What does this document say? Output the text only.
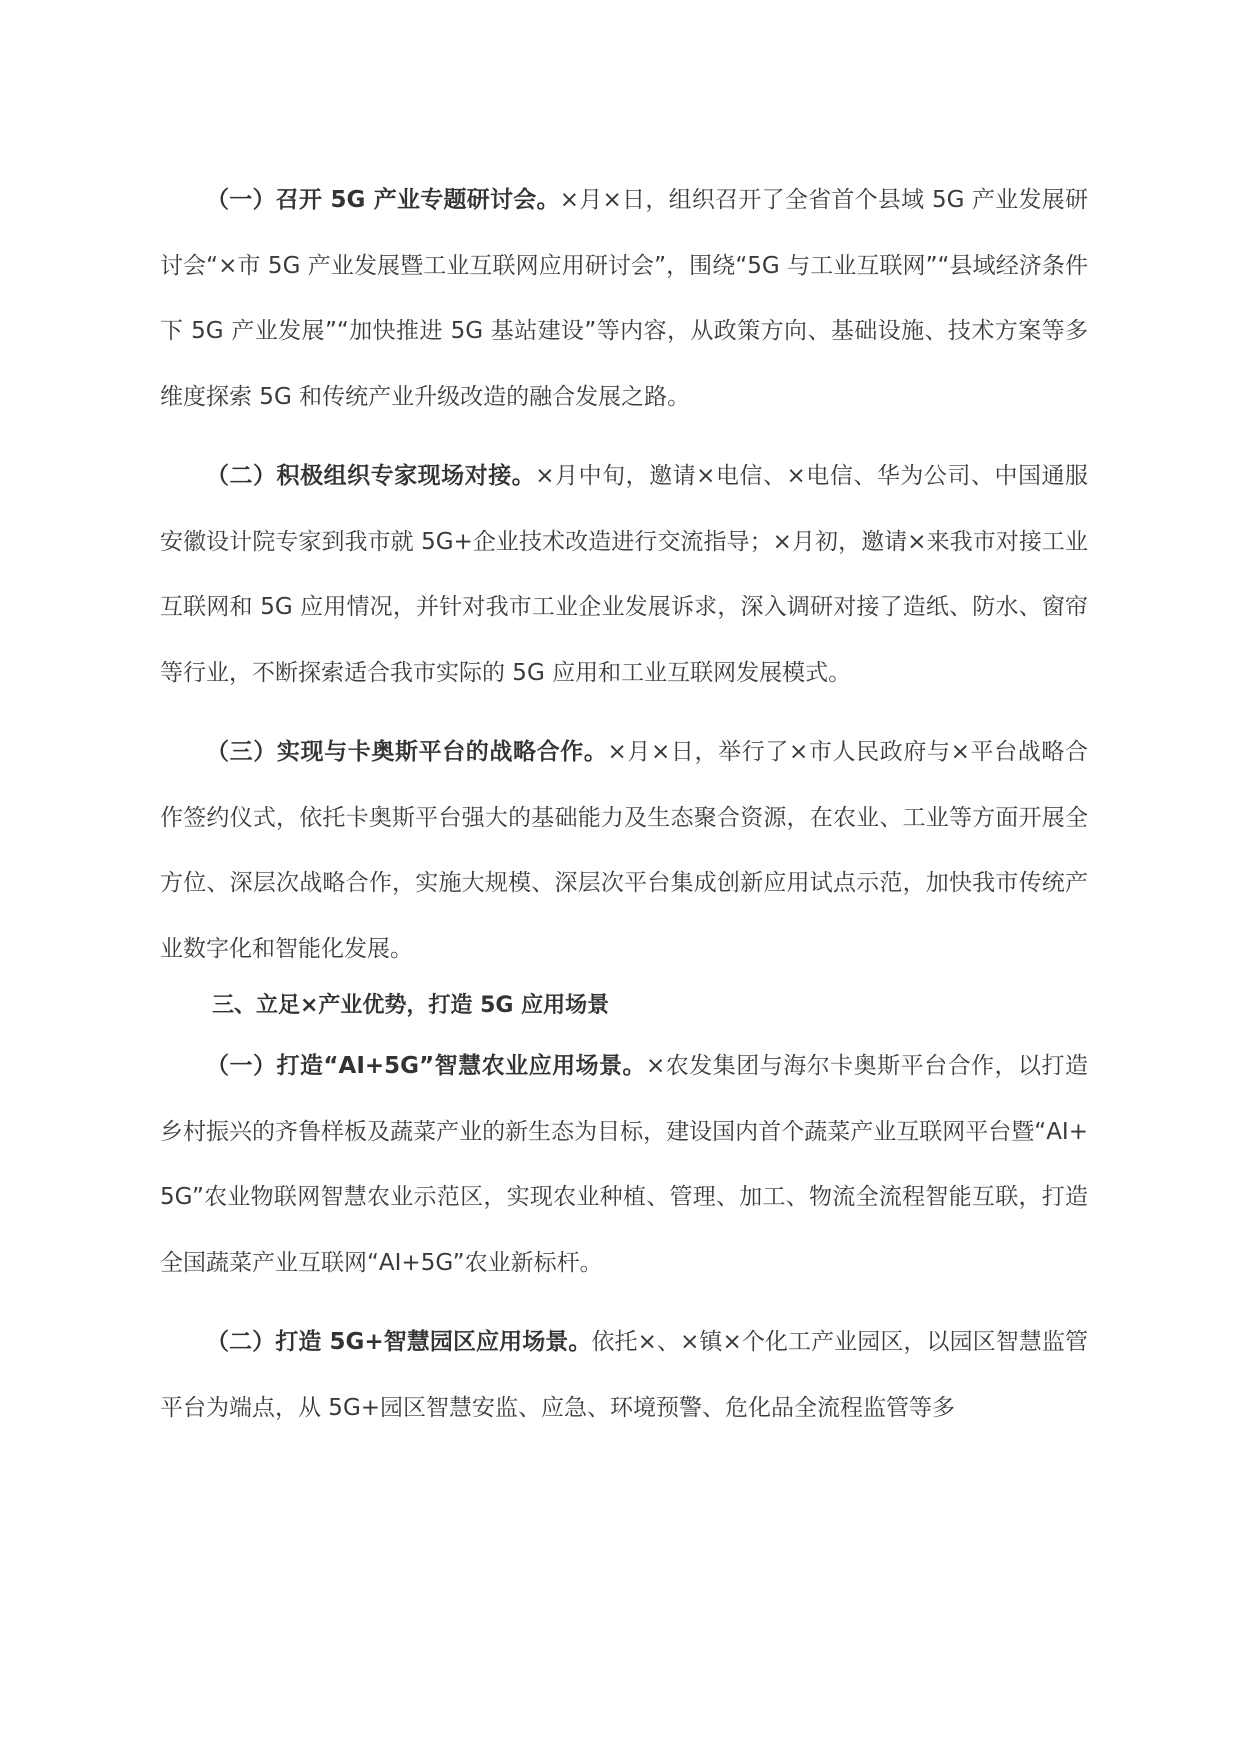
（一）召开 5G 产业专题研讨会。×月×日，组织召开了全省首个县域 5G 产业发展研讨会“×市 5G 产业发展暨工业互联网应用研讨会”，围绕“5G 与工业互联网”“县域经济条件下 5G 产业发展”“加快推进 5G 基站建设”等内容，从政策方向、基础设施、技术方案等多维度探索 5G 和传统产业升级改造的融合发展之路。

（二）积极组织专家现场对接。×月中旬，邀请×电信、×电信、华为公司、中国通服安徽设计院专家到我市就 5G+企业技术改造进行交流指导；×月初，邀请×来我市对接工业互联网和 5G 应用情况，并针对我市工业企业发展诉求，深入调研对接了造纸、防水、窗帘等行业，不断探索适合我市实际的 5G 应用和工业互联网发展模式。

（三）实现与卡奥斯平台的战略合作。×月×日，举行了×市人民政府与×平台战略合作签约仪式，依托卡奥斯平台强大的基础能力及生态聚合资源，在农业、工业等方面开展全方位、深层次战略合作，实施大规模、深层次平台集成创新应用试点示范，加快我市传统产业数字化和智能化发展。

三、立足×产业优势，打造 5G 应用场景

（一）打造“AI+5G”智慧农业应用场景。×农发集团与海尔卡奥斯平台合作，以打造乡村振兴的齐鲁样板及蔬菜产业的新生态为目标，建设国内首个蔬菜产业互联网平台暨“AI+5G”农业物联网智慧农业示范区，实现农业种植、管理、加工、物流全流程智能互联，打造全国蔬菜产业互联网“AI+5G”农业新标杆。

（二）打造 5G+智慧园区应用场景。依托×、×镇×个化工产业园区，以园区智慧监管平台为端点，从 5G+园区智慧安监、应急、环境预警、危化品全流程监管等多
